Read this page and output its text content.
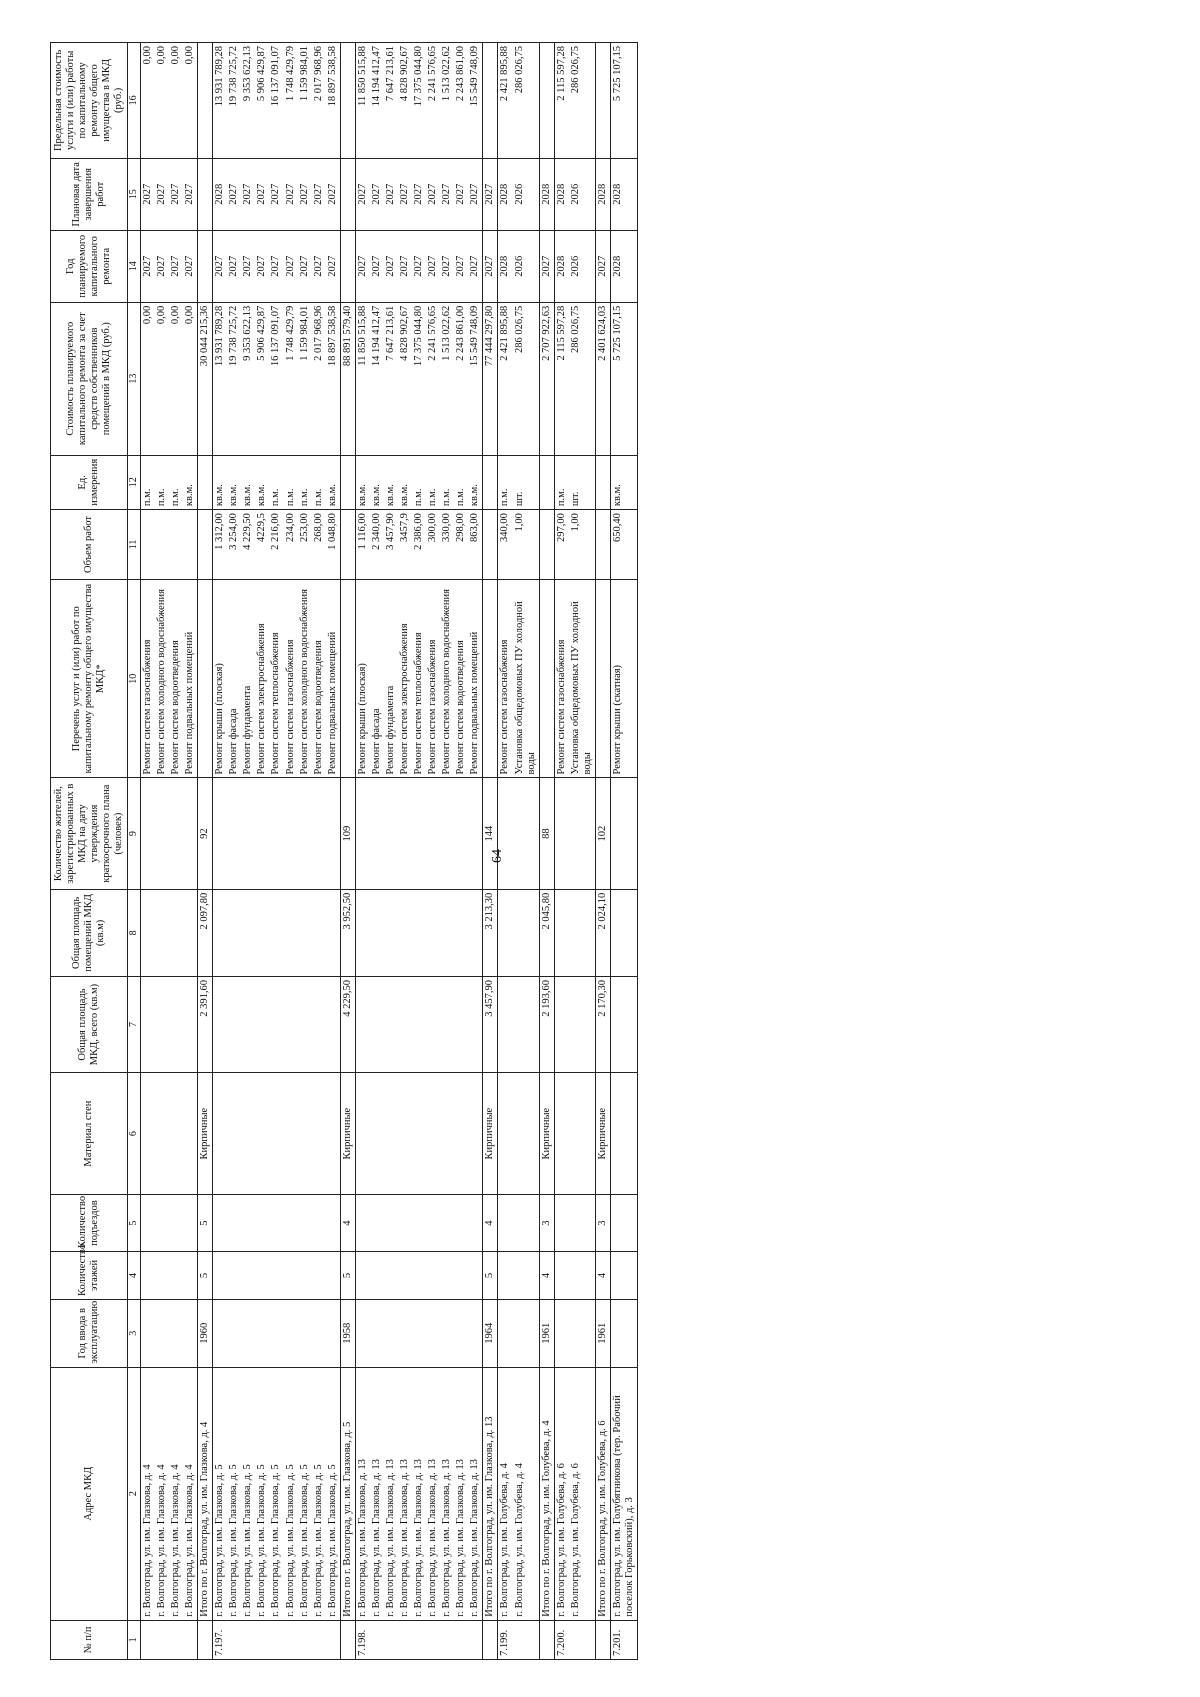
64
№ п/п	Адрес МКД	Год ввода в эксплуатацию	Количество этажей	Количество подъездов	Материал стен	Общая площадь МКД, всего (кв.м)	Общая площадь помещений МКД (кв.м)	Количество жителей, зарегистрированных в МКД на дату утверждения краткосрочного плана (человек)	Перечень услуг и (или) работ по капитальному ремонту общего имущества МКД*	Объем работ	Ед. измерения	Стоимость планируемого капитального ремонта за счет средств собственников помещений в МКД (руб.)	Год планируемого капитального ремонта	Плановая дата завершения работ	Предельная стоимость услуги и (или) работы по капитальному ремонту общего имущества в МКД (руб.)
1	2	3	4	5	6	7	8	9	10	11	12	13	14	15	16
	г. Волгоград, ул. им. Глазкова, д. 4								Ремонт систем газоснабжения		п.м.	0,00	2027	2027	0,00
	г. Волгоград, ул. им. Глазкова, д. 4								Ремонт систем холодного водоснабжения		п.м.	0,00	2027	2027	0,00
	г. Волгоград, ул. им. Глазкова, д. 4								Ремонт систем водоотведения		п.м.	0,00	2027	2027	0,00
	г. Волгоград, ул. им. Глазкова, д. 4								Ремонт подвальных помещений		кв.м.	0,00	2027	2027	0,00
	Итого по г. Волгоград, ул. им. Глазкова, д. 4	1960	5	5	Кирпичные	2 391,60	2 097,80	92				30 044 215,36			
7.197.	г. Волгоград, ул. им. Глазкова, д. 5								Ремонт крыши (плоская)	1 312,00	кв.м.	13 931 789,28	2027	2028	13 931 789,28
	г. Волгоград, ул. им. Глазкова, д. 5								Ремонт фасада	3 254,00	кв.м.	19 738 725,72	2027	2027	19 738 725,72
	г. Волгоград, ул. им. Глазкова, д. 5								Ремонт фундамента	4 229,50	кв.м.	9 353 622,13	2027	2027	9 353 622,13
	г. Волгоград, ул. им. Глазкова, д. 5								Ремонт систем электроснабжения	4229,5	кв.м.	5 906 429,87	2027	2027	5 906 429,87
	г. Волгоград, ул. им. Глазкова, д. 5								Ремонт систем теплоснабжения	2 216,00	п.м.	16 137 091,07	2027	2027	16 137 091,07
	г. Волгоград, ул. им. Глазкова, д. 5								Ремонт систем газоснабжения	234,00	п.м.	1 748 429,79	2027	2027	1 748 429,79
	г. Волгоград, ул. им. Глазкова, д. 5								Ремонт систем холодного водоснабжения	253,00	п.м.	1 159 984,01	2027	2027	1 159 984,01
	г. Волгоград, ул. им. Глазкова, д. 5								Ремонт систем водоотведения	268,00	п.м.	2 017 968,96	2027	2027	2 017 968,96
	г. Волгоград, ул. им. Глазкова, д. 5								Ремонт подвальных помещений	1 048,80	кв.м.	18 897 538,58	2027	2027	18 897 538,58
	Итого по г. Волгоград, ул. им. Глазкова, д. 5	1958	5	4	Кирпичные	4 229,50	3 952,50	109				88 891 579,40			
7.198.	г. Волгоград, ул. им. Глазкова, д. 13								Ремонт крыши (плоская)	1 116,00	кв.м.	11 850 515,88	2027	2027	11 850 515,88
	г. Волгоград, ул. им. Глазкова, д. 13								Ремонт фасада	2 340,00	кв.м.	14 194 412,47	2027	2027	14 194 412,47
	г. Волгоград, ул. им. Глазкова, д. 13								Ремонт фундамента	3 457,90	кв.м.	7 647 213,61	2027	2027	7 647 213,61
	г. Волгоград, ул. им. Глазкова, д. 13								Ремонт систем электроснабжения	3457,9	кв.м.	4 828 902,67	2027	2027	4 828 902,67
	г. Волгоград, ул. им. Глазкова, д. 13								Ремонт систем теплоснабжения	2 386,00	п.м.	17 375 044,80	2027	2027	17 375 044,80
	г. Волгоград, ул. им. Глазкова, д. 13								Ремонт систем газоснабжения	300,00	п.м.	2 241 576,65	2027	2027	2 241 576,65
	г. Волгоград, ул. им. Глазкова, д. 13								Ремонт систем холодного водоснабжения	330,00	п.м.	1 513 022,62	2027	2027	1 513 022,62
	г. Волгоград, ул. им. Глазкова, д. 13								Ремонт систем водоотведения	298,00	п.м.	2 243 861,00	2027	2027	2 243 861,00
	г. Волгоград, ул. им. Глазкова, д. 13								Ремонт подвальных помещений	863,00	кв.м.	15 549 748,09	2027	2027	15 549 748,09
	Итого по г. Волгоград, ул. им. Глазкова, д. 13	1964	5	4	Кирпичные	3 457,90	3 213,30	144				77 444 297,80	2027	2027	
7.199.	г. Волгоград, ул. им. Голубева, д. 4								Ремонт систем газоснабжения	340,00	п.м.	2 421 895,88	2028	2028	2 421 895,88
	г. Волгоград, ул. им. Голубева, д. 4								Установка общедомовых ПУ холодной воды	1,00	шт.	286 026,75	2026	2026	286 026,75
	Итого по г. Волгоград, ул. им. Голубева, д. 4	1961	4	3	Кирпичные	2 193,60	2 045,80	88				2 707 922,63	2027	2028	
7.200.	г. Волгоград, ул. им. Голубева, д. 6								Ремонт систем газоснабжения	297,00	п.м.	2 115 597,28	2028	2028	2 115 597,28
	г. Волгоград, ул. им. Голубева, д. 6								Установка общедомовых ПУ холодной воды	1,00	шт.	286 026,75	2026	2026	286 026,75
	Итого по г. Волгоград, ул. им. Голубева, д. 6	1961	4	3	Кирпичные	2 170,30	2 024,10	102				2 401 624,03	2027	2028	
7.201.	г. Волгоград, ул. им. Голубятникова (тер. Рабочий поселок Горьковский), д. 3								Ремонт крыши (скатная)	650,40	кв.м.	5 725 107,15	2028	2028	5 725 107,15
